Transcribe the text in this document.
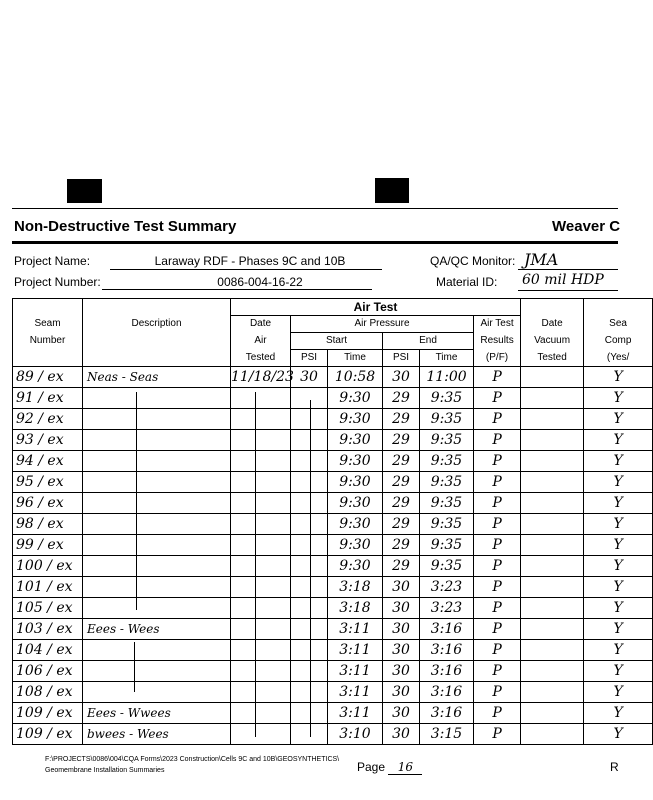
Non-Destructive Test Summary	Weaver C
Project Name:	Laraway RDF - Phases 9C and 10B	QA/QC Monitor: JMA
Project Number:	0086-004-16-22	Material ID: 60 mil HDP
		Air Test							
Seam	Description	Date	Air Pressure				Air Test	Date	Sea
Number		Air	Start		End		Results	Vacuum	Comp
		Tested	PSI	Time	PSI	Time	(P/F)	Tested	(Yes/
89 / ex	Neas - Seas	11/18/23	30	10:58	30	11:00	P		Y
91 / ex				9:30	29	9:35	P		Y
92 / ex				9:30	29	9:35	P		Y
93 / ex				9:30	29	9:35	P		Y
94 / ex				9:30	29	9:35	P		Y
95 / ex				9:30	29	9:35	P		Y
96 / ex				9:30	29	9:35	P		Y
98 / ex				9:30	29	9:35	P		Y
99 / ex				9:30	29	9:35	P		Y
100 / ex				9:30	29	9:35	P		Y
101 / ex				3:18	30	3:23	P		Y
105 / ex				3:18	30	3:23	P		Y
103 / ex	Eees - Wees			3:11	30	3:16	P		Y
104 / ex				3:11	30	3:16	P		Y
106 / ex				3:11	30	3:16	P		Y
108 / ex				3:11	30	3:16	P		Y
109 / ex	Eees - Wwees			3:11	30	3:16	P		Y
109 / ex	bwees - Wees			3:10	30	3:15	P		Y
F:\PROJECTS\0086\004\CQA Forms\2023 Construction\Cells 9C and 10B\GEOSYNTHETICS\
Geomembrane Installation Summaries	Page 16	R
